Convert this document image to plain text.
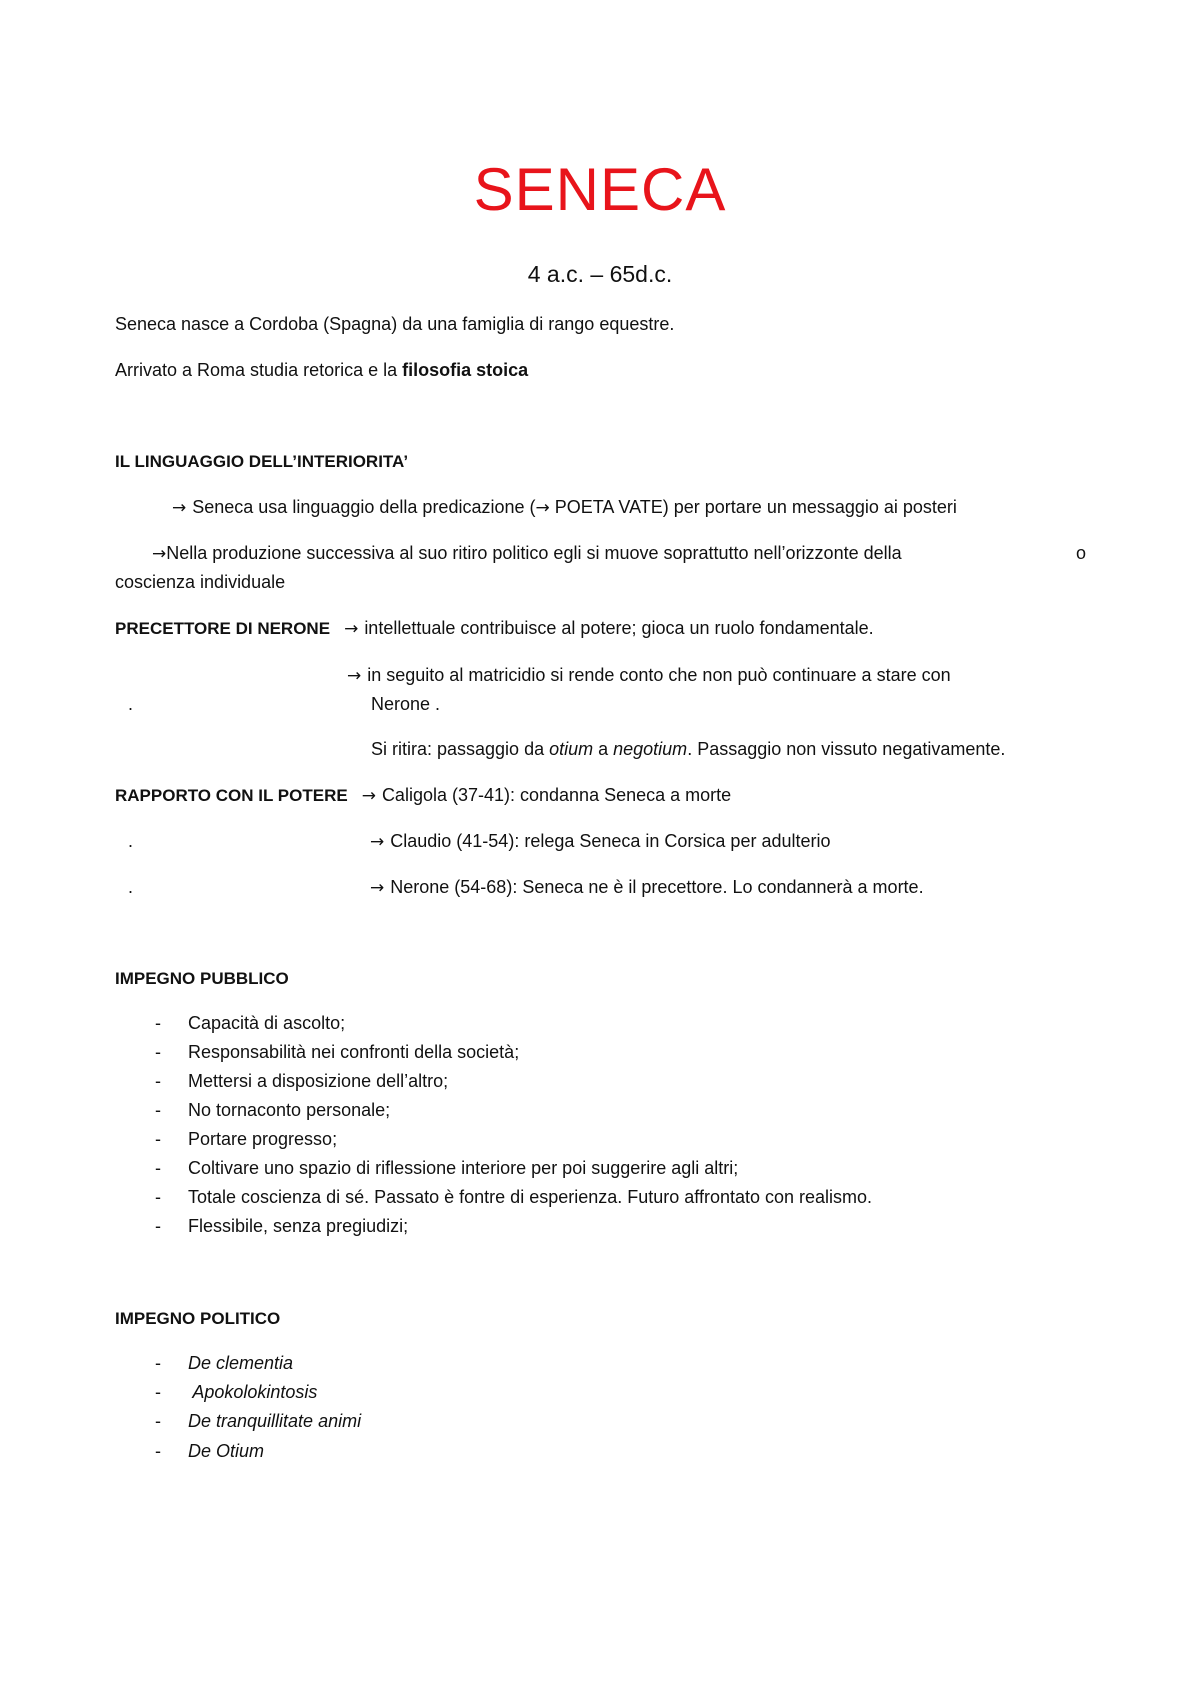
SENECA
4 a.c. – 65d.c.
Seneca nasce a Cordoba (Spagna) da una famiglia di rango equestre.
Arrivato a Roma studia retorica e la filosofia stoica
IL LINGUAGGIO DELL’INTERIORITA’
→ Seneca usa linguaggio della predicazione (→ POETA VATE) per portare un messaggio ai posteri
→Nella produzione successiva al suo ritiro politico egli si muove soprattutto nell’orizzonte della	o
coscienza individuale
PRECETTORE DI NERONE → intellettuale contribuisce al potere; gioca un ruolo fondamentale.
→ in seguito al matricidio si rende conto che non può continuare a stare con
.	Nerone .
Si ritira: passaggio da otium a negotium. Passaggio non vissuto negativamente.
RAPPORTO CON IL POTERE → Caligola (37-41): condanna Seneca a morte
.	→ Claudio (41-54): relega Seneca in Corsica per adulterio
.	→ Nerone (54-68): Seneca ne è il precettore. Lo condannerà a morte.
IMPEGNO PUBBLICO
- Capacità di ascolto;
- Responsabilità nei confronti della società;
- Mettersi a disposizione dell’altro;
- No tornaconto personale;
- Portare progresso;
- Coltivare uno spazio di riflessione interiore per poi suggerire agli altri;
- Totale coscienza di sé. Passato è fontre di esperienza. Futuro affrontato con realismo.
- Flessibile, senza pregiudizi;
IMPEGNO POLITICO
- De clementia
- Apokolokintosis
- De tranquillitate animi
- De Otium
